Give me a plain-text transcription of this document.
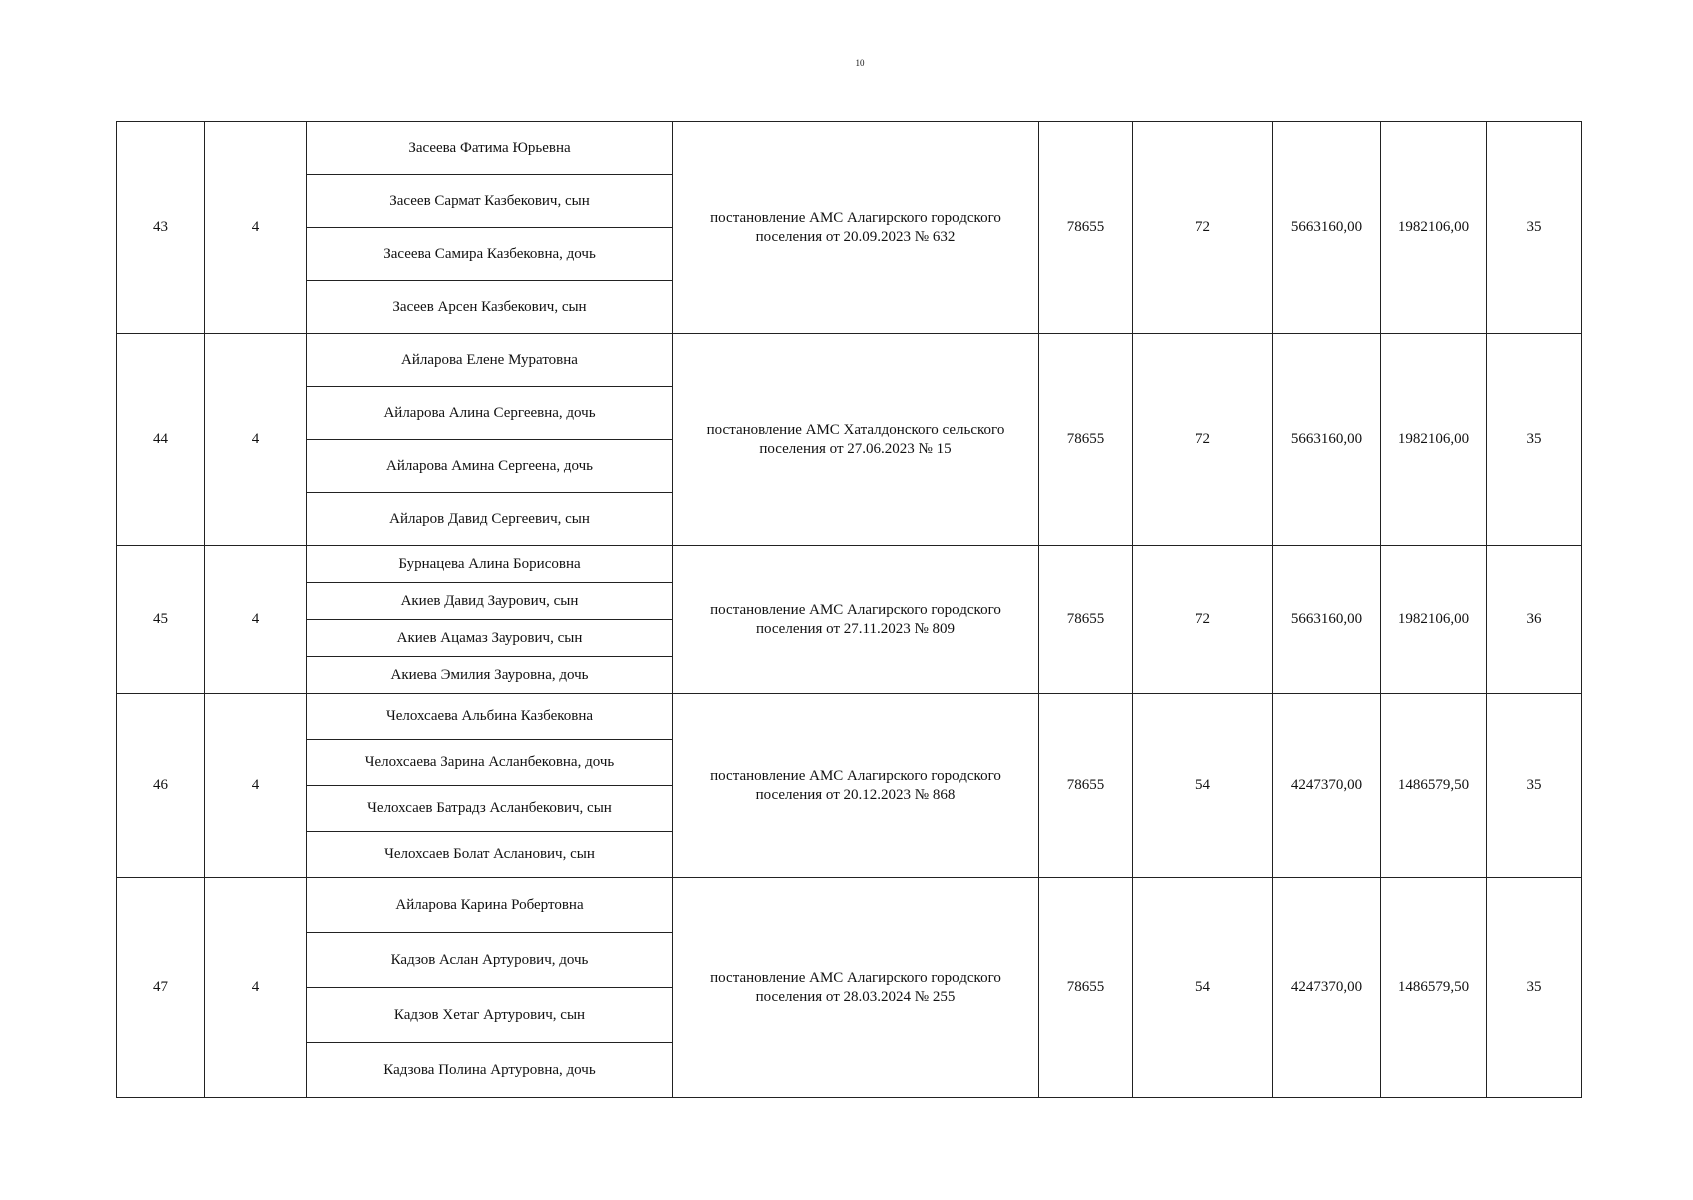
10
43	4	Засеева Фатима Юрьевна	постановление АМС Алагирского городского поселения от 20.09.2023 № 632	78655	72	5663160,00	1982106,00	35
		Засеев Сармат Казбекович, сын						
		Засеева Самира Казбековна, дочь						
		Засеев Арсен Казбекович, сын						
44	4	Айларова Елене Муратовна	постановление АМС Хаталдонского сельского поселения от 27.06.2023 № 15	78655	72	5663160,00	1982106,00	35
		Айларова Алина Сергеевна, дочь						
		Айларова Амина Сергеена, дочь						
		Айларов Давид Сергеевич, сын						
45	4	Бурнацева Алина Борисовна	постановление АМС Алагирского городского поселения от 27.11.2023 № 809	78655	72	5663160,00	1982106,00	36
		Акиев Давид Заурович, сын						
		Акиев Ацамаз Заурович, сын						
		Акиева Эмилия Зауровна, дочь						
46	4	Челохсаева Альбина Казбековна	постановление АМС Алагирского городского поселения от 20.12.2023 № 868	78655	54	4247370,00	1486579,50	35
		Челохсаева Зарина Асланбековна, дочь						
		Челохсаев Батрадз Асланбекович, сын						
		Челохсаев Болат Асланович, сын						
47	4	Айларова Карина Робертовна	постановление АМС Алагирского городского поселения от 28.03.2024 № 255	78655	54	4247370,00	1486579,50	35
		Кадзов Аслан Артурович, дочь						
		Кадзов Хетаг Артурович, сын						
		Кадзова Полина Артуровна, дочь						
